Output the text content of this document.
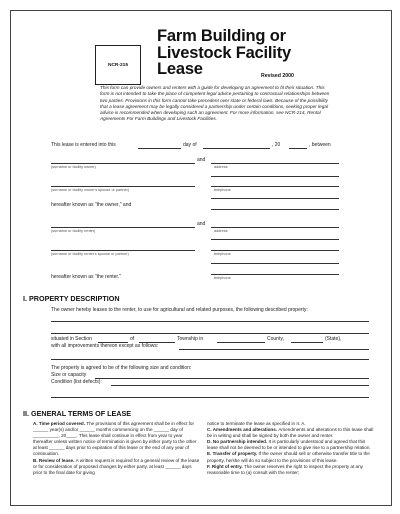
NCR-215
Farm Building or
Livestock Facility
Lease	Revised 2000
This form can provide owners and renters with a guide for developing an agreement to fit their situation. This form is not intended to take the place of competent legal advice pertaining to contractual relationships between two parties. Provisions in this form cannot take precedent over state or federal laws. Because of the possibility that a lease agreement may be legally considered a partnership under certain conditions, seeking proper legal advice is recommended when developing such an agreement. For more information, see NCR-214, Rental Agreements For Farm Buildings and Livestock Facilities.
This lease is entered into this	day of	, 20	, between
and
(surname or facility owner)	address
(surname or facility owner's spouse or partner)	telephone
hereafter known as "the owner," and
and
(surname or facility renter)	address
(surname or facility renter's spouse or partner)	telephone
hereafter known as "the renter."	telephone
I. PROPERTY DESCRIPTION
The owner hereby leases to the renter, to use for agricultural and related purposes, the following described property:
situated in Section	of	Township in	County,	(State),
with all improvements thereon except as follows:
The property is agreed to be of the following size and condition:
Size or capacity
Condition (list defects):
II. GENERAL TERMS OF LEASE
A. Time period covered. The provisions of this agreement shall be in effect for ______ year(s) and/or ______ months commencing on the ______ day of __________, 20____. This lease shall continue in effect from year to year thereafter unless written notice of termination is given by either party to the other at least ______ days prior to expiration of this lease or the end of any year of continuation.
B. Review of lease. A written request is required for a general review of the lease or for consideration of proposed changes by either party, at least ______ days prior to the final date for giving
notice to terminate the lease as specified in II. A.
C. Amendments and alterations. Amendments and alterations to this lease shall be in writing and shall be signed by both the owner and renter.
D. No partnership intended. It is particularly understood and agreed that this lease shall not be deemed to be or intended to give rise to a partnership relation.
E. Transfer of property. If the owner should sell or otherwise transfer title to the property, he/she will do so subject to the provisions of this lease.
F. Right of entry. The owner reserves the right to inspect the property at any reasonable time to (a) consult with the renter;
